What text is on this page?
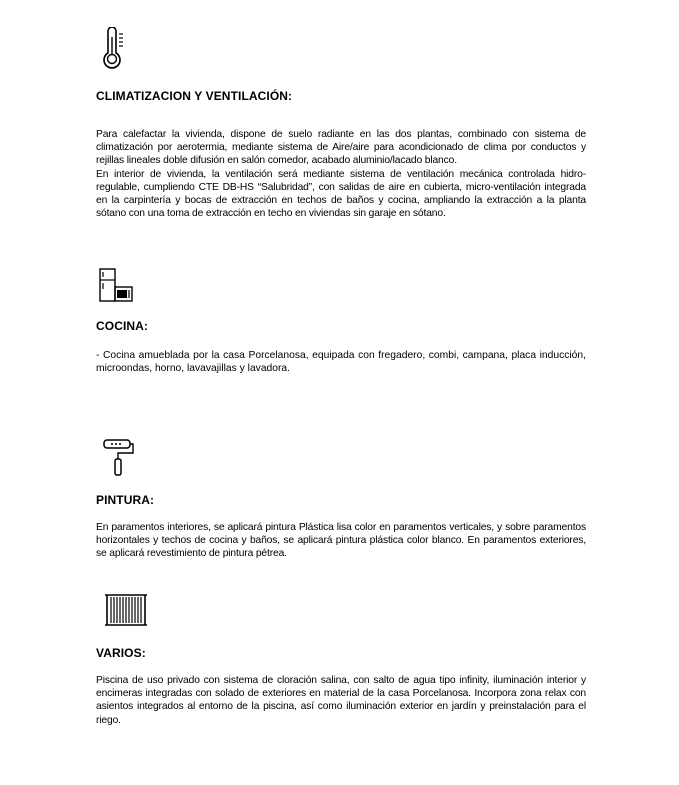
CLIMATIZACION Y VENTILACIÓN:

Para calefactar la vivienda, dispone de suelo radiante en las dos plantas, combinado con sistema de climatización por aerotermia, mediante sistema de Aire/aire para acondicionado de clima por conductos y rejillas lineales doble difusión en salón comedor, acabado aluminio/lacado blanco.
En interior de vivienda, la ventilación será mediante sistema de ventilación mecánica controlada hidro-regulable, cumpliendo CTE DB-HS “Salubridad”, con salidas de aire en cubierta, micro-ventilación integrada en la carpintería y bocas de extracción en techos de baños y cocina, ampliando la extracción a la planta sótano con una toma de extracción en techo en viviendas sin garaje en sótano.

COCINA:

- Cocina amueblada por la casa Porcelanosa, equipada con fregadero, combi, campana, placa inducción, microondas, horno, lavavajillas y lavadora.

PINTURA:

En paramentos interiores, se aplicará pintura Plástica lisa color en paramentos verticales, y sobre paramentos horizontales y techos de cocina y baños, se aplicará pintura plástica color blanco. En paramentos exteriores, se aplicará revestimiento de pintura pétrea.

VARIOS:

Piscina de uso privado con sistema de cloración salina, con salto de agua tipo infinity, iluminación interior y encimeras integradas con solado de exteriores en material de la casa Porcelanosa. Incorpora zona relax con asientos integrados al entorno de la piscina, así como iluminación exterior en jardín y preinstalación para el riego.
